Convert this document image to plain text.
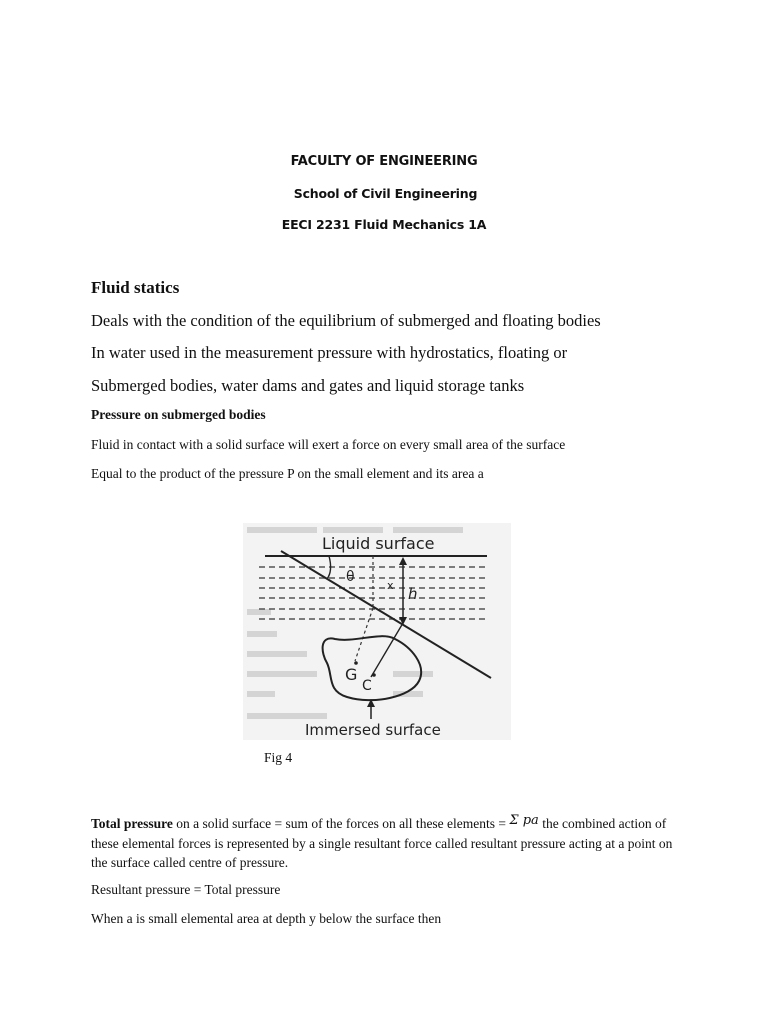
FACULTY OF ENGINEERING
School of Civil Engineering
EECI 2231 Fluid Mechanics 1A
Fluid statics
Deals with the condition of the equilibrium of submerged and floating bodies
In water used in the measurement pressure with hydrostatics, floating or
Submerged bodies, water dams and gates and liquid storage tanks
Pressure on submerged bodies
Fluid in contact with a solid surface will exert a force on every small area of the surface
Equal to the product of the pressure P on the small element and its area a
Liquid surface
θ
x h
G
C
Immersed surface
Fig 4
Total pressure on a solid surface = sum of the forces on all these elements = Σ pa the combined action of these elemental forces is represented by a single resultant force called resultant pressure acting at a point on the surface called centre of pressure.
Resultant pressure = Total pressure
When a is small elemental area at depth y below the surface then
